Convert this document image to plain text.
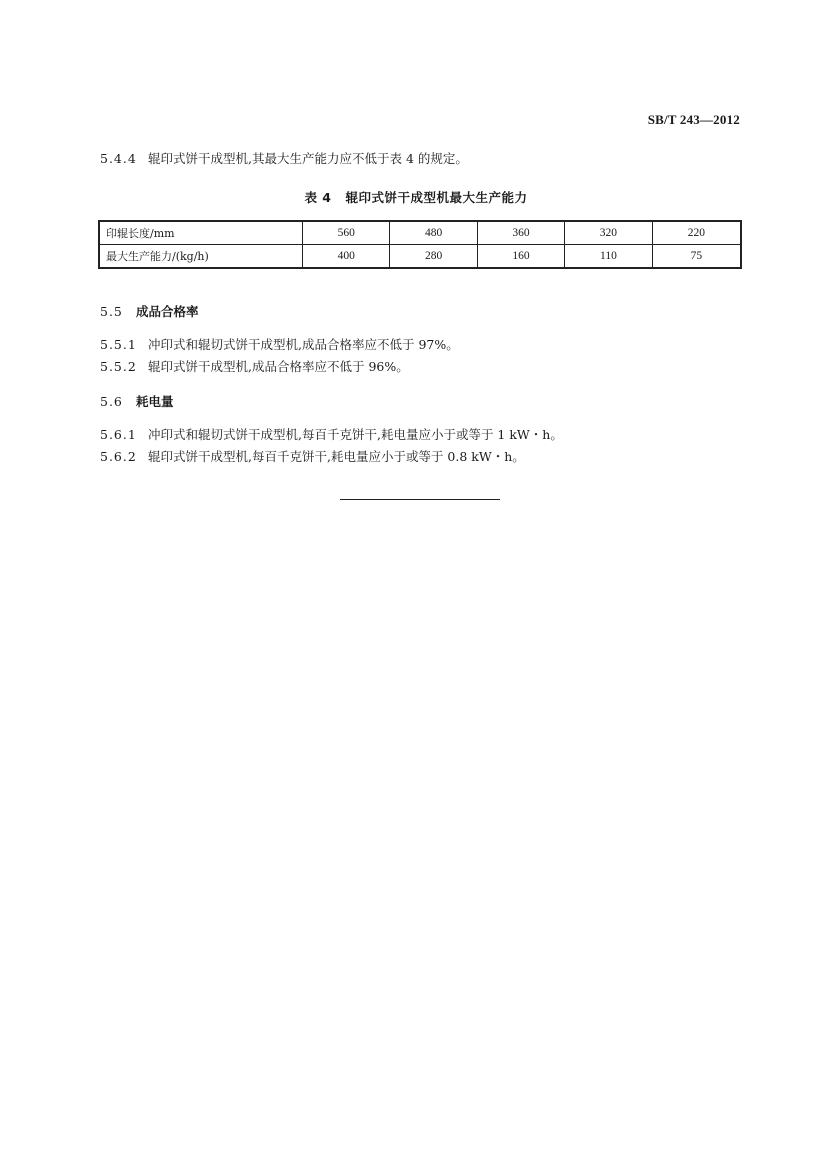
SB/T 243—2012
5.4.4 辊印式饼干成型机,其最大生产能力应不低于表 4 的规定。
表 4 辊印式饼干成型机最大生产能力
印辊长度/mm	560	480	360	320	220
最大生产能力/(kg/h)	400	280	160	110	75
5.5 成品合格率
5.5.1 冲印式和辊切式饼干成型机,成品合格率应不低于 97%。
5.5.2 辊印式饼干成型机,成品合格率应不低于 96%。
5.6 耗电量
5.6.1 冲印式和辊切式饼干成型机,每百千克饼干,耗电量应小于或等于 1 kW・h。
5.6.2 辊印式饼干成型机,每百千克饼干,耗电量应小于或等于 0.8 kW・h。
